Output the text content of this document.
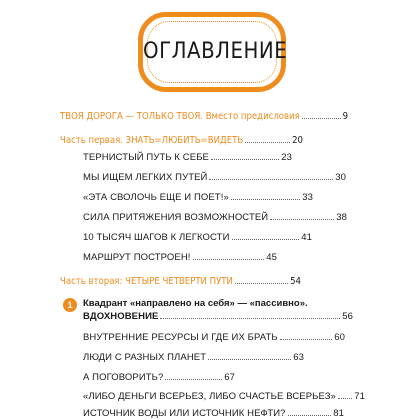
ОГЛАВЛЕНИЕ
ТВОЯ ДОРОГА — ТОЛЬКО ТВОЯ. Вместо предисловия	9
Часть первая. ЗНАТЬ=ЛЮБИТЬ=ВИДЕТЬ	20
ТЕРНИСТЫЙ ПУТЬ К СЕБЕ	23
МЫ ИЩЕМ ЛЕГКИХ ПУТЕЙ	30
«ЭТА СВОЛОЧЬ ЕЩЕ И ПОЕТ!»	33
СИЛА ПРИТЯЖЕНИЯ ВОЗМОЖНОСТЕЙ	38
10 ТЫСЯЧ ШАГОВ К ЛЕГКОСТИ	41
МАРШРУТ ПОСТРОЕН!	45
Часть вторая: ЧЕТЫРЕ ЧЕТВЕРТИ ПУТИ	54
1	Квадрант «направлено на себя» — «пассивно».
ВДОХНОВЕНИЕ	56
ВНУТРЕННИЕ РЕСУРСЫ И ГДЕ ИХ БРАТЬ	60
ЛЮДИ С РАЗНЫХ ПЛАНЕТ	63
А ПОГОВОРИТЬ?	67
«ЛИБО ДЕНЬГИ ВСЕРЬЕЗ, ЛИБО СЧАСТЬЕ ВСЕРЬЕЗ» 71
ИСТОЧНИК ВОДЫ ИЛИ ИСТОЧНИК НЕФТИ?	81
